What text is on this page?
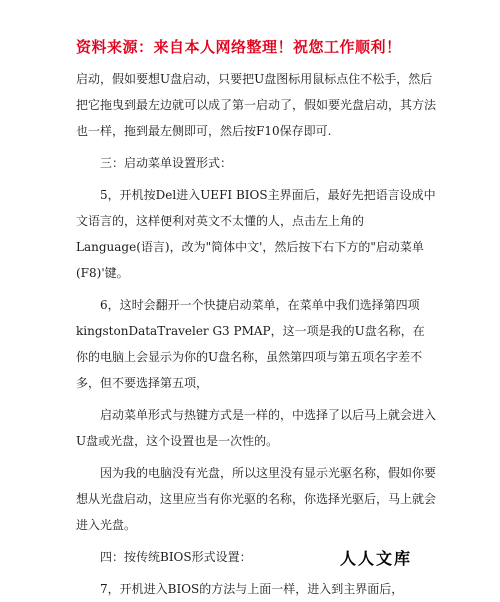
资料来源：来自本人网络整理！祝您工作顺利！

启动，假如要想U盘启动，只要把U盘图标用鼠标点住不松手，然后把它拖曳到最左边就可以成了第一启动了，假如要光盘启动，其方法也一样，拖到最左侧即可，然后按F10保存即可.

三：启动菜单设置形式：

5，开机按Del进入UEFI BIOS主界面后，最好先把语言设成中文语言的，这样便利对英文不太懂的人，点击左上角的Language(语言)，改为"简体中文'，然后按下右下方的"启动菜单(F8)'键。

6，这时会翻开一个快捷启动菜单，在菜单中我们选择第四项kingstonDataTraveler G3 PMAP，这一项是我的U盘名称，在你的电脑上会显示为你的U盘名称，虽然第四项与第五项名字差不多，但不要选择第五项，

启动菜单形式与热键方式是一样的，中选择了以后马上就会进入U盘或光盘，这个设置也是一次性的。

因为我的电脑没有光盘，所以这里没有显示光驱名称，假如你要想从光盘启动，这里应当有你光驱的名称，你选择光驱后，马上就会进入光盘。

四：按传统BIOS形式设置：

7，开机进入BIOS的方法与上面一样，进入到主界面后，

人人文库
